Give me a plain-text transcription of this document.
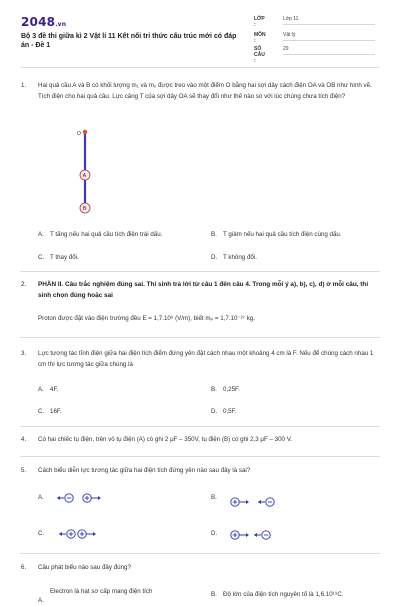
2048.vn
Bộ 3 đề thi giữa kì 2 Vật lí 11 Kết nối tri thức cấu trúc mới có đáp án - Đề 1
LỚP :
Lớp 11
MÔN :
Vật lý
SỐ CÂU :
29
1. Hai quả cầu A và B có khối lượng m₁ và m₂ được treo vào một điểm O bằng hai sợi dây cách điện OA và OB như hình vẽ. Tích điện cho hai quả cầu. Lực căng T của sợi dây OA sẽ thay đổi như thế nào so với lúc chúng chưa tích điện?
O
A
B
A. T tăng nếu hai quả cầu tích điện trái dấu.	B. T giảm nếu hai quả cầu tích điện cùng dấu.
C. T thay đổi.	D. T không đổi.
2. PHẦN II. Câu trắc nghiệm đúng sai. Thí sinh trả lời từ câu 1 đến câu 4. Trong mỗi ý a), b), c), d) ở mỗi câu, thí sinh chọn đúng hoặc sai
Proton được đặt vào điện trường đều E = 1,7.10⁶ (V/m), biết mₚ = 1,7.10⁻²⁷ kg.
3. Lực tương tác tĩnh điện giữa hai điện tích điểm đứng yên đặt cách nhau một khoảng 4 cm là F. Nếu để chúng cách nhau 1 cm thì lực tương tác giữa chúng là
A. 4F.	B. 0,25F.
C. 16F.	D. 0,5F.
4. Có hai chiếc tụ điện, trên vỏ tụ điện (A) có ghi 2 μF – 350V, tụ điện (B) có ghi 2,3 μF – 300 V.
5. Cách biểu diễn lực tương tác giữa hai điện tích đứng yên nào sau đây là sai?
A.	B.
C.	D.
6. Câu phát biểu nào sau đây đúng?
A.Electron là hạt sơ cấp mang điện tích	B. Độ lớn của điện tích nguyên tố là 1,6.10¹⁹C.
